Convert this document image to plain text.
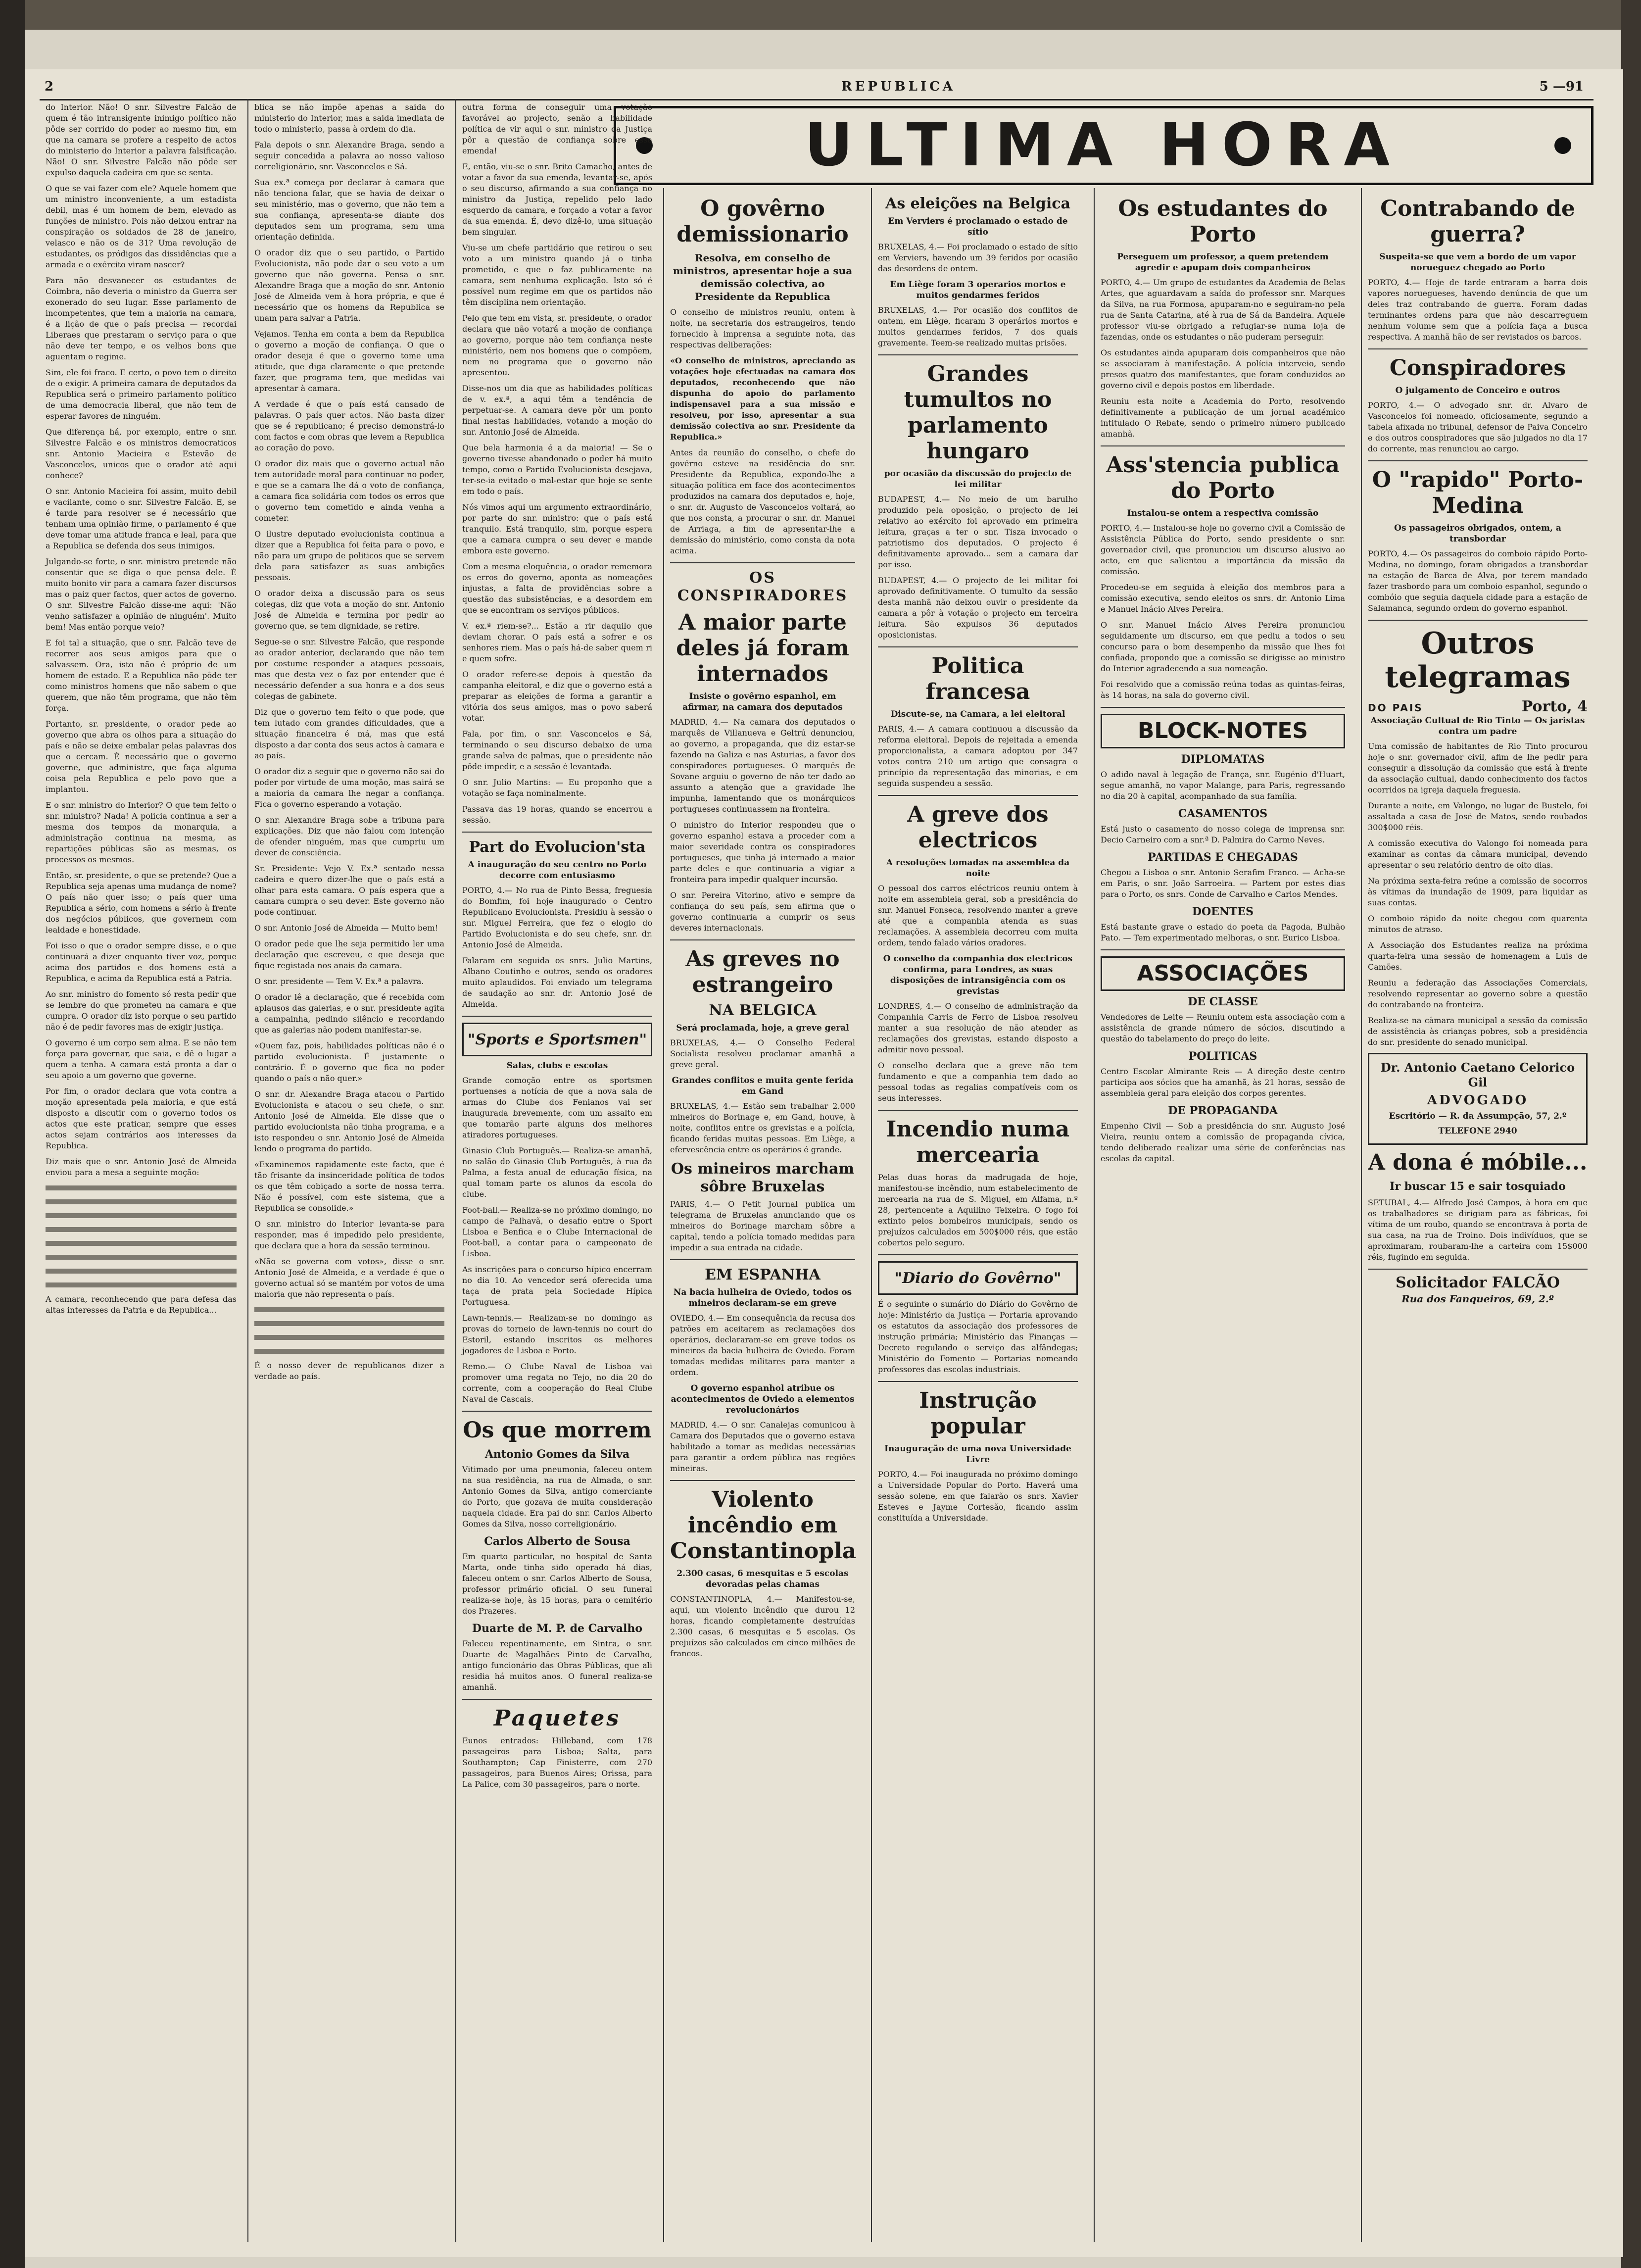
2	REPUBLICA	5 —91
ULTIMA HORA

do Interior. Não! O snr. Silvestre Falcão de quem é tão intransigente inimigo político não pôde ser corrido do poder ao mesmo fim, em que na camara se profere a respeito de actos do ministerio do Interior a palavra falsificação. Não! O snr. Silvestre Falcão não pôde ser expulso daquela cadeira em que se senta.

O que se vai fazer com ele? Aquele homem que um ministro inconveniente, a um estadista debil, mas é um homem de bem, elevado as funções de ministro. Pois não deixou entrar na conspiração os soldados de 28 de janeiro, velasco e não os de 31? Uma revolução de estudantes, os pródigos das dissidências que a armada e o exército viram nascer?

Para não desvanecer os estudantes de Coimbra, não deveria o ministro da Guerra ser exonerado do seu lugar. Esse parlamento de incompetentes, que tem a maioria na camara, é a lição de que o país precisa — recordai Liberaes que prestaram o serviço para o que não deve ter tempo, e os velhos bons que aguentam o regime.

Sim, ele foi fraco. E certo, o povo tem o direito de o exigir. A primeira camara de deputados da Republica será o primeiro parlamento político de uma democracia liberal, que não tem de esperar favores de ninguém.

Que diferença há, por exemplo, entre o snr. Silvestre Falcão e os ministros democraticos snr. Antonio Macieira e Estevão de Vasconcelos, unicos que o orador até aqui conhece?

O snr. Antonio Macieira foi assim, muito debil e vacilante, como o snr. Silvestre Falcão. E, se é tarde para resolver se é necessário que tenham uma opinião firme, o parlamento é que deve tomar uma atitude franca e leal, para que a Republica se defenda dos seus inimigos.

Julgando-se forte, o snr. ministro pretende não consentir que se diga o que pensa dele. É muito bonito vir para a camara fazer discursos mas o paiz quer factos, quer actos de governo. O snr. Silvestre Falcão disse-me aqui: 'Não venho satisfazer a opinião de ninguém'. Muito bem! Mas então porque veio?

E foi tal a situação, que o snr. Falcão teve de recorrer aos seus amigos para que o salvassem. Ora, isto não é próprio de um homem de estado. E a Republica não pôde ter como ministros homens que não sabem o que querem, que não têm programa, que não têm força.

Portanto, sr. presidente, o orador pede ao governo que abra os olhos para a situação do país e não se deixe embalar pelas palavras dos que o cercam. É necessário que o governo governe, que administre, que faça alguma coisa pela Republica e pelo povo que a implantou.

E o snr. ministro do Interior? O que tem feito o snr. ministro? Nada! A policia continua a ser a mesma dos tempos da monarquia, a administração continua na mesma, as repartições públicas são as mesmas, os processos os mesmos.

Então, sr. presidente, o que se pretende? Que a Republica seja apenas uma mudança de nome? O país não quer isso; o país quer uma Republica a sério, com homens a sério à frente dos negócios públicos, que governem com lealdade e honestidade.

Foi isso o que o orador sempre disse, e o que continuará a dizer enquanto tiver voz, porque acima dos partidos e dos homens está a Republica, e acima da Republica está a Patria.

Ao snr. ministro do fomento só resta pedir que se lembre do que prometeu na camara e que cumpra. O orador diz isto porque o seu partido não é de pedir favores mas de exigir justiça.

O governo é um corpo sem alma. E se não tem força para governar, que saia, e dê o lugar a quem a tenha. A camara está pronta a dar o seu apoio a um governo que governe.

Por fim, o orador declara que vota contra a moção apresentada pela maioria, e que está disposto a discutir com o governo todos os actos que este praticar, sempre que esses actos sejam contrários aos interesses da Republica.

Diz mais que o snr. Antonio José de Almeida enviou para a mesa a seguinte moção:

A camara, reconhecendo que para defesa das altas interesses da Patria e da Republica...

blica se não impõe apenas a saida do ministerio do Interior, mas a saida imediata de todo o ministerio, passa à ordem do dia.

Fala depois o snr. Alexandre Braga, sendo a seguir concedida a palavra ao nosso valioso correligionário, snr. Vasconcelos e Sá.

Sua ex.ª começa por declarar à camara que não tenciona falar, que se havia de deixar o seu ministério, mas o governo, que não tem a sua confiança, apresenta-se diante dos deputados sem um programa, sem uma orientação definida.

O orador diz que o seu partido, o Partido Evolucionista, não pode dar o seu voto a um governo que não governa. Pensa o snr. Alexandre Braga que a moção do snr. Antonio José de Almeida vem à hora própria, e que é necessário que os homens da Republica se unam para salvar a Patria.

Vejamos. Tenha em conta a bem da Republica o governo a moção de confiança. O que o orador deseja é que o governo tome uma atitude, que diga claramente o que pretende fazer, que programa tem, que medidas vai apresentar à camara.

A verdade é que o país está cansado de palavras. O país quer actos. Não basta dizer que se é republicano; é preciso demonstrá-lo com factos e com obras que levem a Republica ao coração do povo.

O orador diz mais que o governo actual não tem autoridade moral para continuar no poder, e que se a camara lhe dá o voto de confiança, a camara fica solidária com todos os erros que o governo tem cometido e ainda venha a cometer.

O ilustre deputado evolucionista continua a dizer que a Republica foi feita para o povo, e não para um grupo de politicos que se servem dela para satisfazer as suas ambições pessoais.

O orador deixa a discussão para os seus colegas, diz que vota a moção do snr. Antonio José de Almeida e termina por pedir ao governo que, se tem dignidade, se retire.

Segue-se o snr. Silvestre Falcão, que responde ao orador anterior, declarando que não tem por costume responder a ataques pessoais, mas que desta vez o faz por entender que é necessário defender a sua honra e a dos seus colegas de gabinete.

Diz que o governo tem feito o que pode, que tem lutado com grandes dificuldades, que a situação financeira é má, mas que está disposto a dar conta dos seus actos à camara e ao país.

O orador diz a seguir que o governo não sai do poder por virtude de uma moção, mas sairá se a maioria da camara lhe negar a confiança. Fica o governo esperando a votação.

O snr. Alexandre Braga sobe a tribuna para explicações. Diz que não falou com intenção de ofender ninguém, mas que cumpriu um dever de consciência.

Sr. Presidente: Vejo V. Ex.ª sentado nessa cadeira e quero dizer-lhe que o país está a olhar para esta camara. O país espera que a camara cumpra o seu dever. Este governo não pode continuar.

O snr. Antonio José de Almeida — Muito bem!

O orador pede que lhe seja permitido ler uma declaração que escreveu, e que deseja que fique registada nos anais da camara.

O snr. presidente — Tem V. Ex.ª a palavra.

O orador lê a declaração, que é recebida com aplausos das galerias, e o snr. presidente agita a campainha, pedindo silêncio e recordando que as galerias não podem manifestar-se.

«Quem faz, pois, habilidades políticas não é o partido evolucionista. É justamente o contrário. É o governo que fica no poder quando o país o não quer.»

O snr. dr. Alexandre Braga atacou o Partido Evolucionista e atacou o seu chefe, o snr. Antonio José de Almeida. Ele disse que o partido evolucionista não tinha programa, e a isto respondeu o snr. Antonio José de Almeida lendo o programa do partido.

«Examinemos rapidamente este facto, que é tão frisante da insinceridade política de todos os que têm cobiçado a sorte de nossa terra. Não é possível, com este sistema, que a Republica se consolide.»

O snr. ministro do Interior levanta-se para responder, mas é impedido pelo presidente, que declara que a hora da sessão terminou.

«Não se governa com votos», disse o snr. Antonio José de Almeida, e a verdade é que o governo actual só se mantém por votos de uma maioria que não representa o país.

É o nosso dever de republicanos dizer a verdade ao país.

outra forma de conseguir uma votação favorável ao projecto, senão a habilidade política de vir aqui o snr. ministro da Justiça pôr a questão de confiança sobre essa emenda!

E, então, viu-se o snr. Brito Camacho, antes de votar a favor da sua emenda, levantar-se, após o seu discurso, afirmando a sua confiança no ministro da Justiça, repelido pelo lado esquerdo da camara, e forçado a votar a favor da sua emenda. É, devo dizê-lo, uma situação bem singular.

Viu-se um chefe partidário que retirou o seu voto a um ministro quando já o tinha prometido, e que o faz publicamente na camara, sem nenhuma explicação. Isto só é possível num regime em que os partidos não têm disciplina nem orientação.

Pelo que tem em vista, sr. presidente, o orador declara que não votará a moção de confiança ao governo, porque não tem confiança neste ministério, nem nos homens que o compõem, nem no programa que o governo não apresentou.

Disse-nos um dia que as habilidades políticas de v. ex.ª, a aqui têm a tendência de perpetuar-se. A camara deve pôr um ponto final nestas habilidades, votando a moção do snr. Antonio José de Almeida.

Que bela harmonia é a da maioria! — Se o governo tivesse abandonado o poder há muito tempo, como o Partido Evolucionista desejava, ter-se-ia evitado o mal-estar que hoje se sente em todo o país.

Nós vimos aqui um argumento extraordinário, por parte do snr. ministro: que o país está tranquilo. Está tranquilo, sim, porque espera que a camara cumpra o seu dever e mande embora este governo.

Com a mesma eloquência, o orador rememora os erros do governo, aponta as nomeações injustas, a falta de providências sobre a questão das subsistências, e a desordem em que se encontram os serviços públicos.

V. ex.ª riem-se?... Estão a rir daquilo que deviam chorar. O país está a sofrer e os senhores riem. Mas o país há-de saber quem ri e quem sofre.

O orador refere-se depois à questão da campanha eleitoral, e diz que o governo está a preparar as eleições de forma a garantir a vitória dos seus amigos, mas o povo saberá votar.

Fala, por fim, o snr. Vasconcelos e Sá, terminando o seu discurso debaixo de uma grande salva de palmas, que o presidente não pôde impedir, e a sessão é levantada.

O snr. Julio Martins: — Eu proponho que a votação se faça nominalmente.

Passava das 19 horas, quando se encerrou a sessão.

Part do Evolucion'sta
A inauguração do seu centro no Porto decorre com entusiasmo

PORTO, 4.— No rua de Pinto Bessa, freguesia do Bomfim, foi hoje inaugurado o Centro Republicano Evolucionista. Presidiu à sessão o snr. Miguel Ferreira, que fez o elogio do Partido Evolucionista e do seu chefe, snr. dr. Antonio José de Almeida.

Falaram em seguida os snrs. Julio Martins, Albano Coutinho e outros, sendo os oradores muito aplaudidos. Foi enviado um telegrama de saudação ao snr. dr. Antonio José de Almeida.

"Sports e Sportsmen"
Salas, clubs e escolas

Grande comoção entre os sportsmen portuenses a notícia de que a nova sala de armas do Clube dos Fenianos vai ser inaugurada brevemente, com um assalto em que tomarão parte alguns dos melhores atiradores portugueses.

Ginasio Club Português.— Realiza-se amanhã, no salão do Ginasio Club Português, à rua da Palma, a festa anual de educação física, na qual tomam parte os alunos da escola do clube.

Foot-ball.— Realiza-se no próximo domingo, no campo de Palhavã, o desafio entre o Sport Lisboa e Benfica e o Clube Internacional de Foot-ball, a contar para o campeonato de Lisboa.

As inscrições para o concurso hípico encerram no dia 10. Ao vencedor será oferecida uma taça de prata pela Sociedade Hípica Portuguesa.

Lawn-tennis.— Realizam-se no domingo as provas do torneio de lawn-tennis no court do Estoril, estando inscritos os melhores jogadores de Lisboa e Porto.

Remo.— O Clube Naval de Lisboa vai promover uma regata no Tejo, no dia 20 do corrente, com a cooperação do Real Clube Naval de Cascais.

Os que morrem
Antonio Gomes da Silva

Vitimado por uma pneumonia, faleceu ontem na sua residência, na rua de Almada, o snr. Antonio Gomes da Silva, antigo comerciante do Porto, que gozava de muita consideração naquela cidade. Era pai do snr. Carlos Alberto Gomes da Silva, nosso correligionário.

Carlos Alberto de Sousa

Em quarto particular, no hospital de Santa Marta, onde tinha sido operado há dias, faleceu ontem o snr. Carlos Alberto de Sousa, professor primário oficial. O seu funeral realiza-se hoje, às 15 horas, para o cemitério dos Prazeres.

Duarte de M. P. de Carvalho

Faleceu repentinamente, em Sintra, o snr. Duarte de Magalhães Pinto de Carvalho, antigo funcionário das Obras Públicas, que ali residia há muitos anos. O funeral realiza-se amanhã.

Paquetes

Eunos entrados: Hilleband, com 178 passageiros para Lisboa; Salta, para Southampton; Cap Finisterre, com 270 passageiros, para Buenos Aires; Orissa, para La Palice, com 30 passageiros, para o norte.

O govêrno demissionario
Resolva, em conselho de ministros, apresentar hoje a sua demissão colectiva, ao Presidente da Republica

O conselho de ministros reuniu, ontem à noite, na secretaria dos estrangeiros, tendo fornecido à imprensa a seguinte nota, das respectivas deliberações:

«O conselho de ministros, apreciando as votações hoje efectuadas na camara dos deputados, reconhecendo que não dispunha do apoio do parlamento indispensavel para a sua missão e resolveu, por isso, apresentar a sua demissão colectiva ao snr. Presidente da Republica.»

Antes da reunião do conselho, o chefe do govêrno esteve na residência do snr. Presidente da Republica, expondo-lhe a situação política em face dos acontecimentos produzidos na camara dos deputados e, hoje, o snr. dr. Augusto de Vasconcelos voltará, ao que nos consta, a procurar o snr. dr. Manuel de Arriaga, a fim de apresentar-lhe a demissão do ministério, como consta da nota acima.

OS CONSPIRADORES
A maior parte deles já foram internados
Insiste o govêrno espanhol, em afirmar, na camara dos deputados

MADRID, 4.— Na camara dos deputados o marquês de Villanueva e Geltrú denunciou, ao governo, a propaganda, que diz estar-se fazendo na Galiza e nas Asturias, a favor dos conspiradores portugueses. O marquês de Sovane arguiu o governo de não ter dado ao assunto a atenção que a gravidade lhe impunha, lamentando que os monárquicos portugueses continuassem na fronteira.

O ministro do Interior respondeu que o governo espanhol estava a proceder com a maior severidade contra os conspiradores portugueses, que tinha já internado a maior parte deles e que continuaria a vigiar a fronteira para impedir qualquer incursão.

O snr. Pereira Vitorino, ativo e sempre da confiança do seu país, sem afirma que o governo continuaria a cumprir os seus deveres internacionais.

As greves no estrangeiro
NA BELGICA
Será proclamada, hoje, a greve geral

BRUXELAS, 4.— O Conselho Federal Socialista resolveu proclamar amanhã a greve geral.

Grandes conflitos e muita gente ferida em Gand

BRUXELAS, 4.— Estão sem trabalhar 2.000 mineiros do Borinage e, em Gand, houve, à noite, conflitos entre os grevistas e a polícia, ficando feridas muitas pessoas. Em Liège, a efervescência entre os operários é grande.

Os mineiros marcham sôbre Bruxelas

PARIS, 4.— O Petit Journal publica um telegrama de Bruxelas anunciando que os mineiros do Borinage marcham sôbre a capital, tendo a polícia tomado medidas para impedir a sua entrada na cidade.

EM ESPANHA
Na bacia hulheira de Oviedo, todos os mineiros declaram-se em greve

OVIEDO, 4.— Em consequência da recusa dos patrões em aceitarem as reclamações dos operários, declararam-se em greve todos os mineiros da bacia hulheira de Oviedo. Foram tomadas medidas militares para manter a ordem.

O governo espanhol atribue os acontecimentos de Oviedo a elementos revolucionários

MADRID, 4.— O snr. Canalejas comunicou à Camara dos Deputados que o governo estava habilitado a tomar as medidas necessárias para garantir a ordem pública nas regiões mineiras.

Violento incêndio em Constantinopla
2.300 casas, 6 mesquitas e 5 escolas devoradas pelas chamas

CONSTANTINOPLA, 4.— Manifestou-se, aqui, um violento incêndio que durou 12 horas, ficando completamente destruídas 2.300 casas, 6 mesquitas e 5 escolas. Os prejuízos são calculados em cinco milhões de francos.

As eleições na Belgica
Em Verviers é proclamado o estado de sítio

BRUXELAS, 4.— Foi proclamado o estado de sítio em Verviers, havendo um 39 feridos por ocasião das desordens de ontem.

Em Liège foram 3 operarios mortos e muitos gendarmes feridos

BRUXELAS, 4.— Por ocasião dos conflitos de ontem, em Liège, ficaram 3 operários mortos e muitos gendarmes feridos, 7 dos quais gravemente. Teem-se realizado muitas prisões.

Grandes tumultos no parlamento hungaro
por ocasião da discussão do projecto de lei militar

BUDAPEST, 4.— No meio de um barulho produzido pela oposição, o projecto de lei relativo ao exército foi aprovado em primeira leitura, graças a ter o snr. Tisza invocado o patriotismo dos deputados. O projecto é definitivamente aprovado... sem a camara dar por isso.

BUDAPEST, 4.— O projecto de lei militar foi aprovado definitivamente. O tumulto da sessão desta manhã não deixou ouvir o presidente da camara a pôr à votação o projecto em terceira leitura. São expulsos 36 deputados oposicionistas.

Politica francesa
Discute-se, na Camara, a lei eleitoral

PARIS, 4.— A camara continuou a discussão da reforma eleitoral. Depois de rejeitada a emenda proporcionalista, a camara adoptou por 347 votos contra 210 um artigo que consagra o princípio da representação das minorias, e em seguida suspendeu a sessão.

A greve dos electricos
A resoluções tomadas na assemblea da noite

O pessoal dos carros eléctricos reuniu ontem à noite em assembleia geral, sob a presidência do snr. Manuel Fonseca, resolvendo manter a greve até que a companhia atenda as suas reclamações. A assembleia decorreu com muita ordem, tendo falado vários oradores.

O conselho da companhia dos electricos confirma, para Londres, as suas disposições de intransigência com os grevistas

LONDRES, 4.— O conselho de administração da Companhia Carris de Ferro de Lisboa resolveu manter a sua resolução de não atender as reclamações dos grevistas, estando disposto a admitir novo pessoal.

O conselho declara que a greve não tem fundamento e que a companhia tem dado ao pessoal todas as regalias compatíveis com os seus interesses.

Incendio numa mercearia

Pelas duas horas da madrugada de hoje, manifestou-se incêndio, num estabelecimento de mercearia na rua de S. Miguel, em Alfama, n.º 28, pertencente a Aquilino Teixeira. O fogo foi extinto pelos bombeiros municipais, sendo os prejuízos calculados em 500$000 réis, que estão cobertos pelo seguro.

"Diario do Govêrno"

É o seguinte o sumário do Diário do Govêrno de hoje: Ministério da Justiça — Portaria aprovando os estatutos da associação dos professores de instrução primária; Ministério das Finanças — Decreto regulando o serviço das alfândegas; Ministério do Fomento — Portarias nomeando professores das escolas industriais.

Instrução popular
Inauguração de uma nova Universidade Livre

PORTO, 4.— Foi inaugurada no próximo domingo a Universidade Popular do Porto. Haverá uma sessão solene, em que falarão os snrs. Xavier Esteves e Jayme Cortesão, ficando assim constituída a Universidade.

Os estudantes do Porto
Perseguem um professor, a quem pretendem agredir e apupam dois companheiros

PORTO, 4.— Um grupo de estudantes da Academia de Belas Artes, que aguardavam a saída do professor snr. Marques da Silva, na rua Formosa, apuparam-no e seguiram-no pela rua de Santa Catarina, até à rua de Sá da Bandeira. Aquele professor viu-se obrigado a refugiar-se numa loja de fazendas, onde os estudantes o não puderam perseguir.

Os estudantes ainda apuparam dois companheiros que não se associaram à manifestação. A polícia interveio, sendo presos quatro dos manifestantes, que foram conduzidos ao governo civil e depois postos em liberdade.

Reuniu esta noite a Academia do Porto, resolvendo definitivamente a publicação de um jornal académico intitulado O Rebate, sendo o primeiro número publicado amanhã.

Ass'stencia publica do Porto
Instalou-se ontem a respectiva comissão

PORTO, 4.— Instalou-se hoje no governo civil a Comissão de Assistência Pública do Porto, sendo presidente o snr. governador civil, que pronunciou um discurso alusivo ao acto, em que salientou a importância da missão da comissão.

Procedeu-se em seguida à eleição dos membros para a comissão executiva, sendo eleitos os snrs. dr. Antonio Lima e Manuel Inácio Alves Pereira.

O snr. Manuel Inácio Alves Pereira pronunciou seguidamente um discurso, em que pediu a todos o seu concurso para o bom desempenho da missão que lhes foi confiada, propondo que a comissão se dirigisse ao ministro do Interior agradecendo a sua nomeação.

Foi resolvido que a comissão reúna todas as quintas-feiras, às 14 horas, na sala do governo civil.

BLOCK-NOTES
DIPLOMATAS

O adido naval à legação de França, snr. Eugénio d'Huart, segue amanhã, no vapor Malange, para Paris, regressando no dia 20 à capital, acompanhado da sua família.

CASAMENTOS

Está justo o casamento do nosso colega de imprensa snr. Decio Carneiro com a snr.ª D. Palmira do Carmo Neves.

PARTIDAS E CHEGADAS

Chegou a Lisboa o snr. Antonio Serafim Franco. — Acha-se em Paris, o snr. João Sarroeira. — Partem por estes dias para o Porto, os snrs. Conde de Carvalho e Carlos Mendes.

DOENTES

Está bastante grave o estado do poeta da Pagoda, Bulhão Pato. — Tem experimentado melhoras, o snr. Eurico Lisboa.

ASSOCIAÇÕES
DE CLASSE

Vendedores de Leite — Reuniu ontem esta associação com a assistência de grande número de sócios, discutindo a questão do tabelamento do preço do leite.

POLITICAS

Centro Escolar Almirante Reis — A direção deste centro participa aos sócios que ha amanhã, às 21 horas, sessão de assembleia geral para eleição dos corpos gerentes.

DE PROPAGANDA

Empenho Civil — Sob a presidência do snr. Augusto José Vieira, reuniu ontem a comissão de propaganda cívica, tendo deliberado realizar uma série de conferências nas escolas da capital.

Contrabando de guerra?
Suspeita-se que vem a bordo de um vapor norueguez chegado ao Porto

PORTO, 4.— Hoje de tarde entraram a barra dois vapores noruegueses, havendo denúncia de que um deles traz contrabando de guerra. Foram dadas terminantes ordens para que não descarreguem nenhum volume sem que a polícia faça a busca respectiva. A manhã hão de ser revistados os barcos.

Conspiradores
O julgamento de Conceiro e outros

PORTO, 4.— O advogado snr. dr. Alvaro de Vasconcelos foi nomeado, oficiosamente, segundo a tabela afixada no tribunal, defensor de Paiva Conceiro e dos outros conspiradores que são julgados no dia 17 do corrente, mas renunciou ao cargo.

O "rapido" Porto-Medina
Os passageiros obrigados, ontem, a transbordar

PORTO, 4.— Os passageiros do comboio rápido Porto-Medina, no domingo, foram obrigados a transbordar na estação de Barca de Alva, por terem mandado fazer trasbordo para um comboio espanhol, segundo o combóio que seguia daquela cidade para a estação de Salamanca, segundo ordem do governo espanhol.

Outros telegramas
DO PAIS	Porto, 4
Associação Cultual de Rio Tinto — Os jaristas contra um padre

Uma comissão de habitantes de Rio Tinto procurou hoje o snr. governador civil, afim de lhe pedir para conseguir a dissolução da comissão que está à frente da associação cultual, dando conhecimento dos factos ocorridos na igreja daquela freguesia.

Durante a noite, em Valongo, no lugar de Bustelo, foi assaltada a casa de José de Matos, sendo roubados 300$000 réis.

A comissão executiva do Valongo foi nomeada para examinar as contas da câmara municipal, devendo apresentar o seu relatório dentro de oito dias.

Na próxima sexta-feira reúne a comissão de socorros às vítimas da inundação de 1909, para liquidar as suas contas.

O comboio rápido da noite chegou com quarenta minutos de atraso.

A Associação dos Estudantes realiza na próxima quarta-feira uma sessão de homenagem a Luis de Camões.

Reuniu a federação das Associações Comerciais, resolvendo representar ao governo sobre a questão do contrabando na fronteira.

Realiza-se na câmara municipal a sessão da comissão de assistência às crianças pobres, sob a presidência do snr. presidente do senado municipal.

Dr. Antonio Caetano Celorico Gil
ADVOGADO
Escritório — R. da Assumpção, 57, 2.º
TELEFONE 2940
A dona é móbile...
Ir buscar 15 e sair tosquiado

SETUBAL, 4.— Alfredo José Campos, à hora em que os trabalhadores se dirigiam para as fábricas, foi vítima de um roubo, quando se encontrava à porta de sua casa, na rua de Troino. Dois indivíduos, que se aproximaram, roubaram-lhe a carteira com 15$000 réis, fugindo em seguida.

Solicitador FALCÃO
Rua dos Fanqueiros, 69, 2.º
